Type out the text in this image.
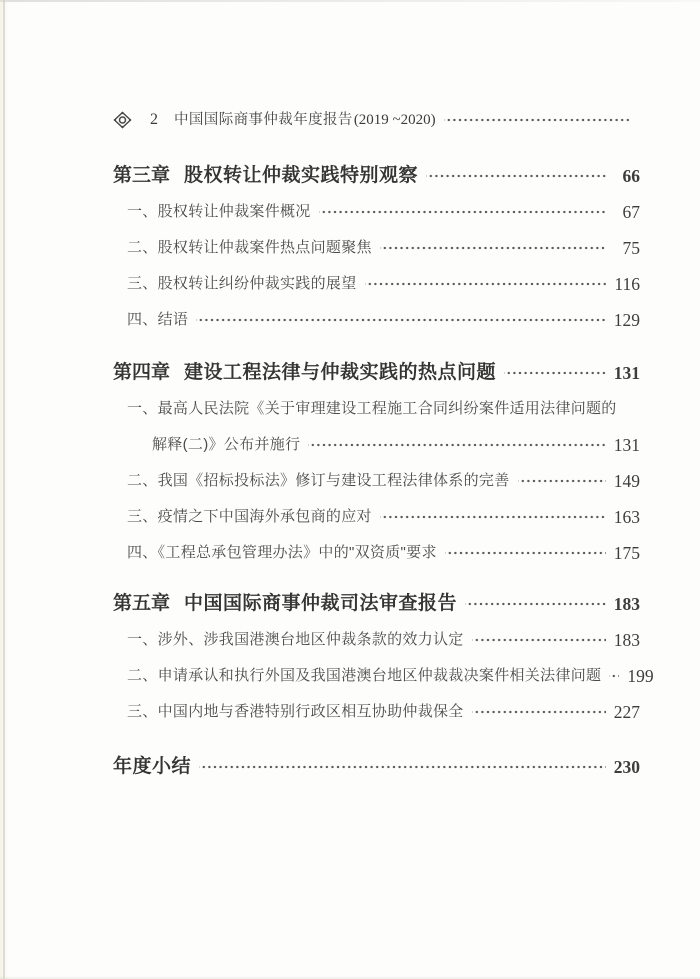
2 中国国际商事仲裁年度报告 (2019 ~2020)
第三章 股权转让仲裁实践特别观察	66
一、股权转让仲裁案件概况	67
二、股权转让仲裁案件热点问题聚焦	75
三、股权转让纠纷仲裁实践的展望	116
四、结语	129
第四章 建设工程法律与仲裁实践的热点问题	131
一、最高人民法院《关于审理建设工程施工合同纠纷案件适用法律问题的
解释(二)》公布并施行	131
二、我国《招标投标法》修订与建设工程法律体系的完善	149
三、疫情之下中国海外承包商的应对	163
四、《工程总承包管理办法》中的"双资质"要求	175
第五章 中国国际商事仲裁司法审查报告	183
一、涉外、涉我国港澳台地区仲裁条款的效力认定	183
二、申请承认和执行外国及我国港澳台地区仲裁裁决案件相关法律问题 199
三、中国内地与香港特别行政区相互协助仲裁保全	227
年度小结	230
